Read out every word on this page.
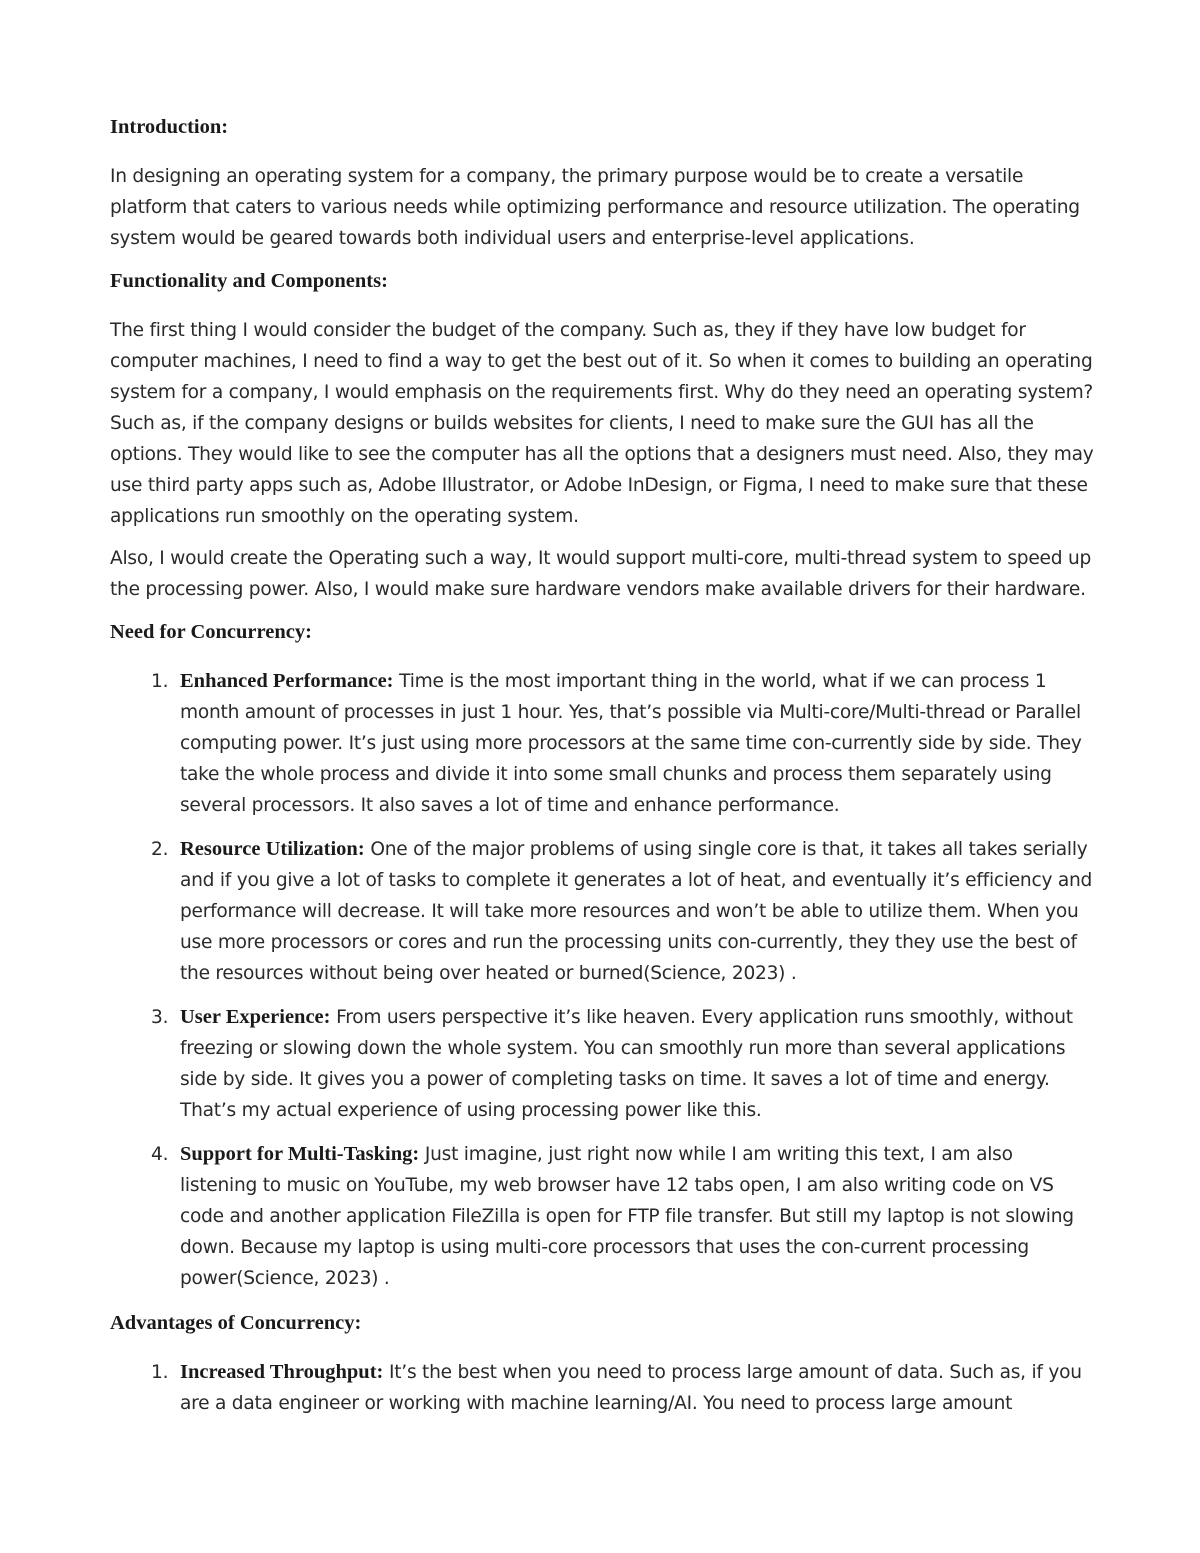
Introduction:

In designing an operating system for a company, the primary purpose would be to create a versatile platform that caters to various needs while optimizing performance and resource utilization. The operating system would be geared towards both individual users and enterprise-level applications.

Functionality and Components:

The first thing I would consider the budget of the company. Such as, they if they have low budget for computer machines, I need to find a way to get the best out of it. So when it comes to building an operating system for a company, I would emphasis on the requirements first. Why do they need an operating system? Such as, if the company designs or builds websites for clients, I need to make sure the GUI has all the options. They would like to see the computer has all the options that a designers must need. Also, they may use third party apps such as, Adobe Illustrator, or Adobe InDesign, or Figma, I need to make sure that these applications run smoothly on the operating system.

Also, I would create the Operating such a way, It would support multi-core, multi-thread system to speed up the processing power. Also, I would make sure hardware vendors make available drivers for their hardware.

Need for Concurrency:

1. Enhanced Performance: Time is the most important thing in the world, what if we can process 1 month amount of processes in just 1 hour. Yes, that’s possible via Multi-core/Multi-thread or Parallel computing power. It’s just using more processors at the same time con-currently side by side. They take the whole process and divide it into some small chunks and process them separately using several processors. It also saves a lot of time and enhance performance.
2. Resource Utilization: One of the major problems of using single core is that, it takes all takes serially and if you give a lot of tasks to complete it generates a lot of heat, and eventually it’s efficiency and performance will decrease. It will take more resources and won’t be able to utilize them. When you use more processors or cores and run the processing units con-currently, they they use the best of the resources without being over heated or burned(Science, 2023) .
3. User Experience: From users perspective it’s like heaven. Every application runs smoothly, without freezing or slowing down the whole system. You can smoothly run more than several applications side by side. It gives you a power of completing tasks on time. It saves a lot of time and energy. That’s my actual experience of using processing power like this.
4. Support for Multi-Tasking: Just imagine, just right now while I am writing this text, I am also listening to music on YouTube, my web browser have 12 tabs open, I am also writing code on VS code and another application FileZilla is open for FTP file transfer. But still my laptop is not slowing down. Because my laptop is using multi-core processors that uses the con-current processing power(Science, 2023) .

Advantages of Concurrency:

1. Increased Throughput: It’s the best when you need to process large amount of data. Such as, if you are a data engineer or working with machine learning/AI. You need to process large amount
